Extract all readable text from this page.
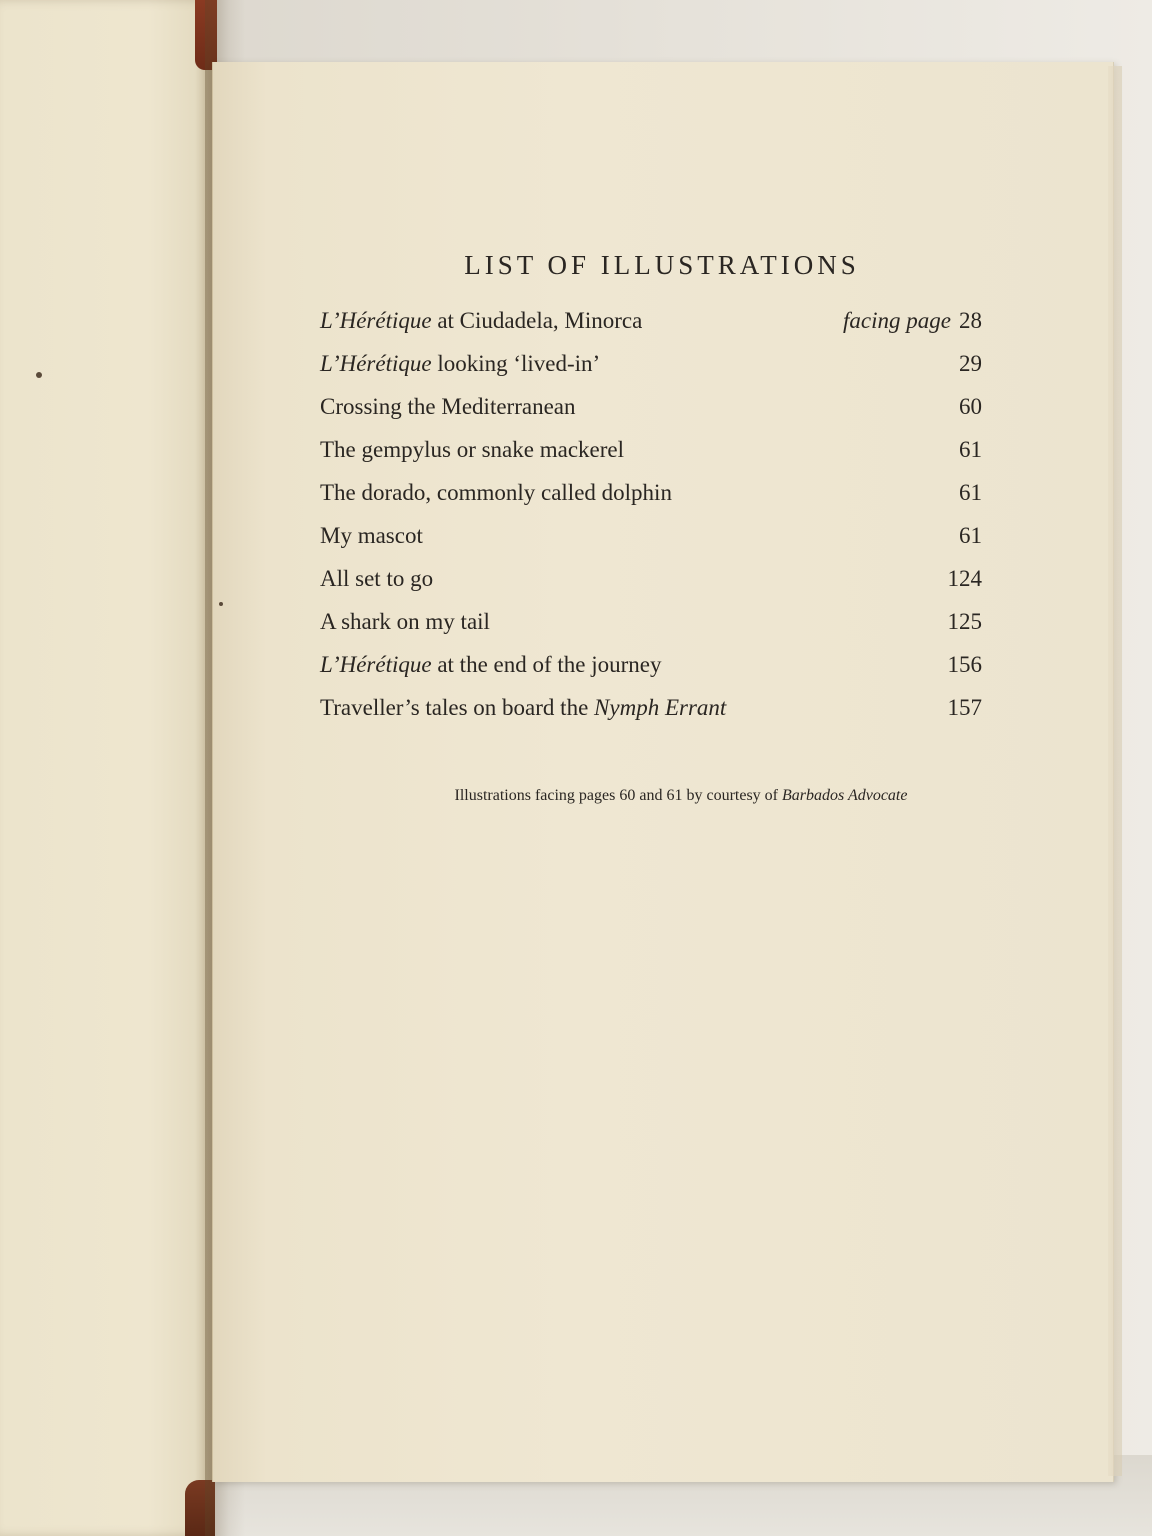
LIST OF ILLUSTRATIONS
L’Hérétique at Ciudadela, Minorca	facing page 28
L’Hérétique looking ‘lived-in’	29
Crossing the Mediterranean	60
The gempylus or snake mackerel	61
The dorado, commonly called dolphin	61
My mascot	61
All set to go	124
A shark on my tail	125
L’Hérétique at the end of the journey	156
Traveller’s tales on board the Nymph Errant	157
Illustrations facing pages 60 and 61 by courtesy of Barbados Advocate
